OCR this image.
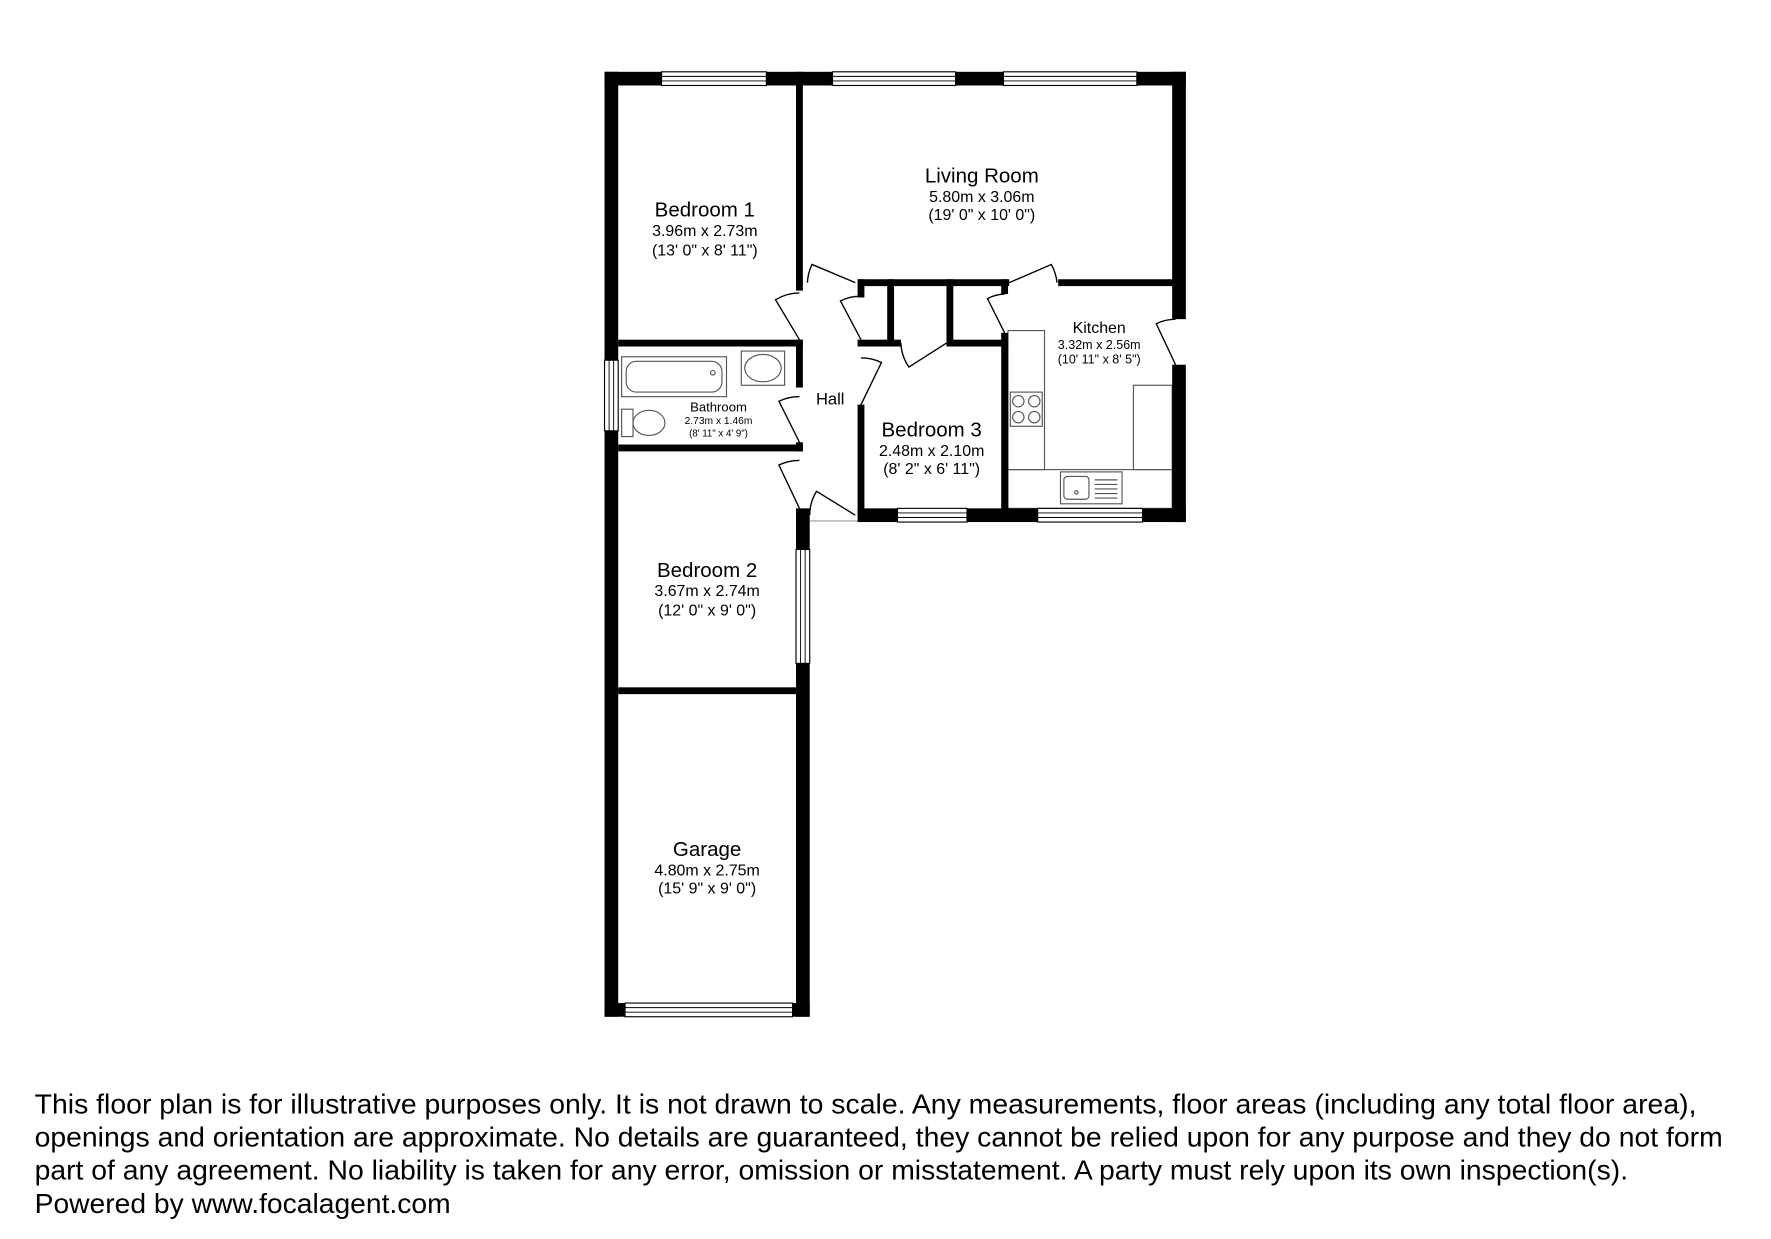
Bedroom 1
3.96m x 2.73m
(13' 0" x 8' 11")
Living Room
5.80m x 3.06m
(19' 0" x 10' 0")
Kitchen
3.32m x 2.56m
(10' 11" x 8' 5")
Hall
Bathroom
2.73m x 1.46m
(8' 11" x 4' 9")	Bedroom 3
2.48m x 2.10m
(8' 2" x 6' 11")
Bedroom 2
3.67m x 2.74m
(12' 0" x 9' 0")
Garage
4.80m x 2.75m
(15' 9" x 9' 0")
This floor plan is for illustrative purposes only. It is not drawn to scale. Any measurements, floor areas (including any total floor area),
openings and orientation are approximate. No details are guaranteed, they cannot be relied upon for any purpose and they do not form
part of any agreement. No liability is taken for any error, omission or misstatement. A party must rely upon its own inspection(s).
Powered by www.focalagent.com
